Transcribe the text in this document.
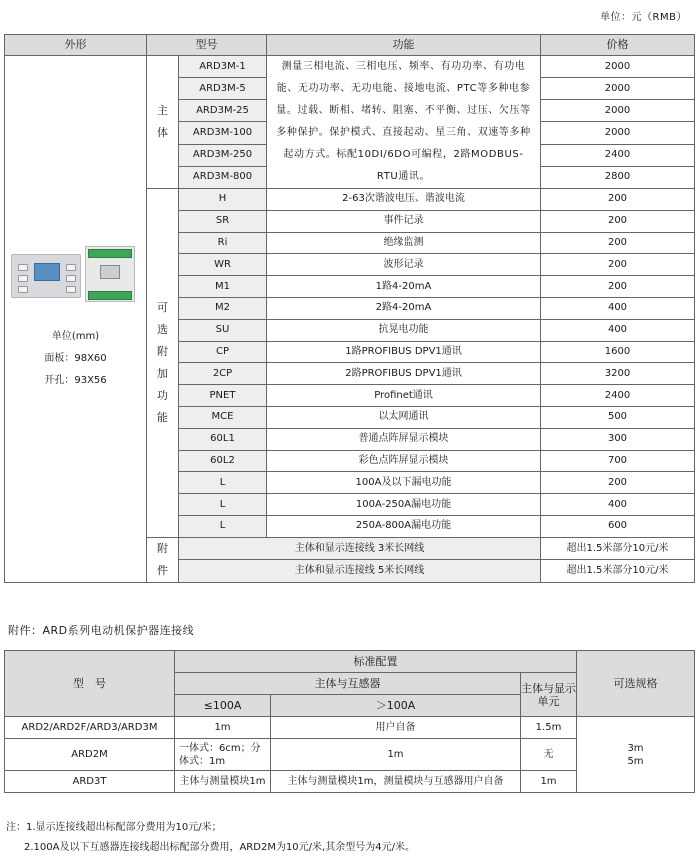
单位：元（RMB）
外形	型号		功能	价格

单位(mm)
面板：98X60
开孔：93X56	主体	ARD3M-1	测量三相电流、三相电压、频率、有功功率、有功电能、无功功率、无功电能、接地电流、PTC等多种电参量。过载、断相、堵转、阻塞、不平衡、过压、欠压等多种保护。保护模式、直接起动、星三角、双速等多种起动方式。标配10DI/6DO可编程，2路MODBUS-RTU通讯。	2000
		ARD3M-5		2000
		ARD3M-25		2000
		ARD3M-100		2000
		ARD3M-250		2400
		ARD3M-800		2800
	可选附加功能	H	2-63次谐波电压、谐波电流	200
		SR	事件记录	200
		Ri	绝缘监测	200
		WR	波形记录	200
		M1	1路4-20mA	200
		M2	2路4-20mA	400
		SU	抗晃电功能	400
		CP	1路PROFIBUS DPV1通讯	1600
		2CP	2路PROFIBUS DPV1通讯	3200
		PNET	Profinet通讯	2400
		MCE	以太网通讯	500
		60L1	普通点阵屏显示模块	300
		60L2	彩色点阵屏显示模块	700
		L	100A及以下漏电功能	200
		L	100A-250A漏电功能	400
		L	250A-800A漏电功能	600
	附件	主体和显示连接线 3米长网线		超出1.5米部分10元/米
		主体和显示连接线 5米长网线		超出1.5米部分10元/米
附件：ARD系列电动机保护器连接线
型　号	标准配置			可选规格
	主体与互感器		主体与显示单元	
	≤100A	＞100A		
ARD2/ARD2F/ARD3/ARD3M	1m	用户自备	1.5m	3m
5m

ARD2M	一体式：6cm；分体式：1m	1m	无	
ARD3T	主体与测量模块1m	主体与测量模块1m，测量模块与互感器用户自备	1m	
注：1.显示连接线超出标配部分费用为10元/米；
2.100A及以下互感器连接线超出标配部分费用，ARD2M为10元/米,其余型号为4元/米。
